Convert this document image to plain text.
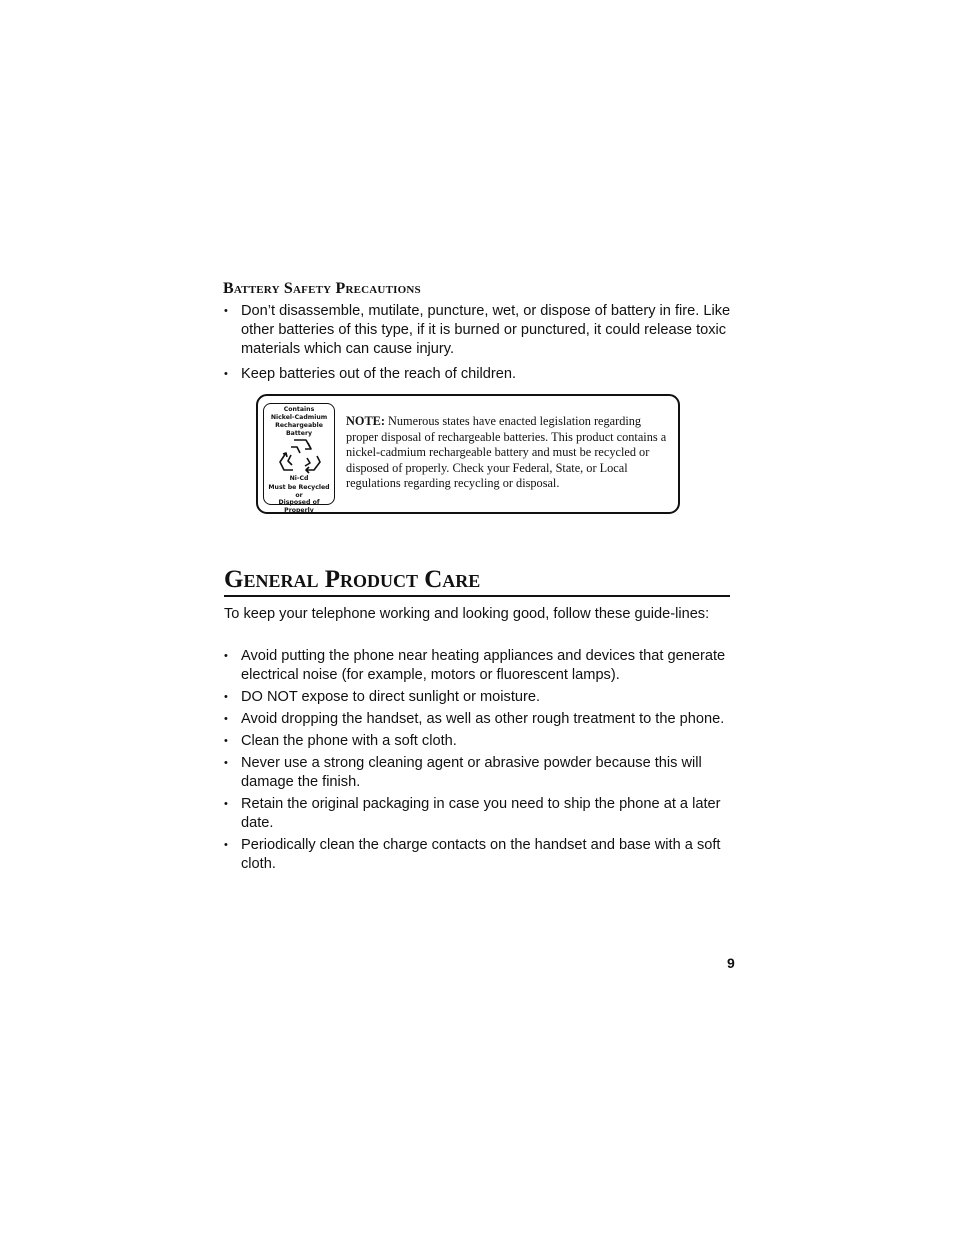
Battery Safety Precautions
• Don’t disassemble, mutilate, puncture, wet, or dispose of battery in fire. Like other batteries of this type, if it is burned or punctured, it could release toxic materials which can cause injury.
• Keep batteries out of the reach of children.
Contains
Nickel-Cadmium
Rechargeable Battery
Ni-Cd
Must be Recycled or
Disposed of Properly
NOTE: Numerous states have enacted legislation regarding proper disposal of rechargeable batteries. This product contains a nickel-cadmium rechargeable battery and must be recycled or disposed of properly. Check your Federal, State, or Local regulations regarding recycling or disposal.
General Product Care
To keep your telephone working and looking good, follow these guide-lines:
• Avoid putting the phone near heating appliances and devices that generate electrical noise (for example, motors or fluorescent lamps).
• DO NOT expose to direct sunlight or moisture.
• Avoid dropping the handset, as well as other rough treatment to the phone.
• Clean the phone with a soft cloth.
• Never use a strong cleaning agent or abrasive powder because this will damage the finish.
• Retain the original packaging in case you need to ship the phone at a later date.
• Periodically clean the charge contacts on the handset and base with a soft cloth.
9
